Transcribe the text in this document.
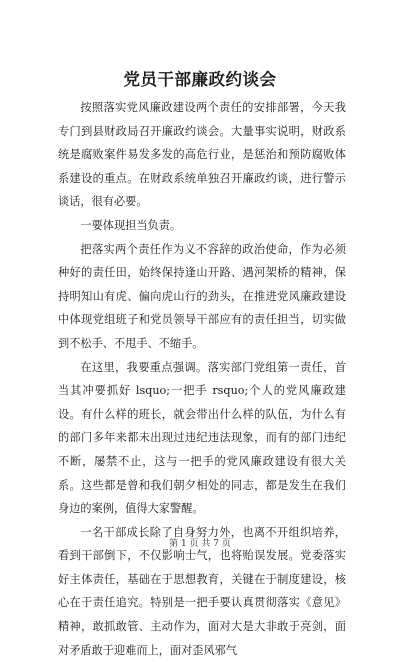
党员干部廉政约谈会

按照落实党风廉政建设两个责任的安排部署，今天我专门到县财政局召开廉政约谈会。大量事实说明，财政系统是腐败案件易发多发的高危行业，是惩治和预防腐败体系建设的重点。在财政系统单独召开廉政约谈，进行警示谈话，很有必要。

一要体现担当负责。

把落实两个责任作为义不容辞的政治使命，作为必须种好的责任田，始终保持逢山开路、遇河架桥的精神，保持明知山有虎、偏向虎山行的劲头，在推进党风廉政建设中体现党组班子和党员领导干部应有的责任担当，切实做到不松手、不甩手、不缩手。

在这里，我要重点强调。落实部门党组第一责任，首当其冲要抓好 lsquo;一把手 rsquo;个人的党风廉政建设。有什么样的班长，就会带出什么样的队伍，为什么有的部门多年来都未出现过违纪违法现象，而有的部门违纪不断，屡禁不止，这与一把手的党风廉政建设有很大关系。这些都是曾和我们朝夕相处的同志，都是发生在我们身边的案例，值得大家警醒。

一名干部成长除了自身努力外，也离不开组织培养，看到干部倒下，不仅影响士气，也将贻误发展。党委落实好主体责任，基础在于思想教育，关键在于制度建设，核心在于责任追究。特别是一把手要认真贯彻落实《意见》精神，敢抓敢管、主动作为，面对大是大非敢于亮剑，面对矛盾敢于迎难而上，面对歪风邪气

第 1 页 共 7 页
